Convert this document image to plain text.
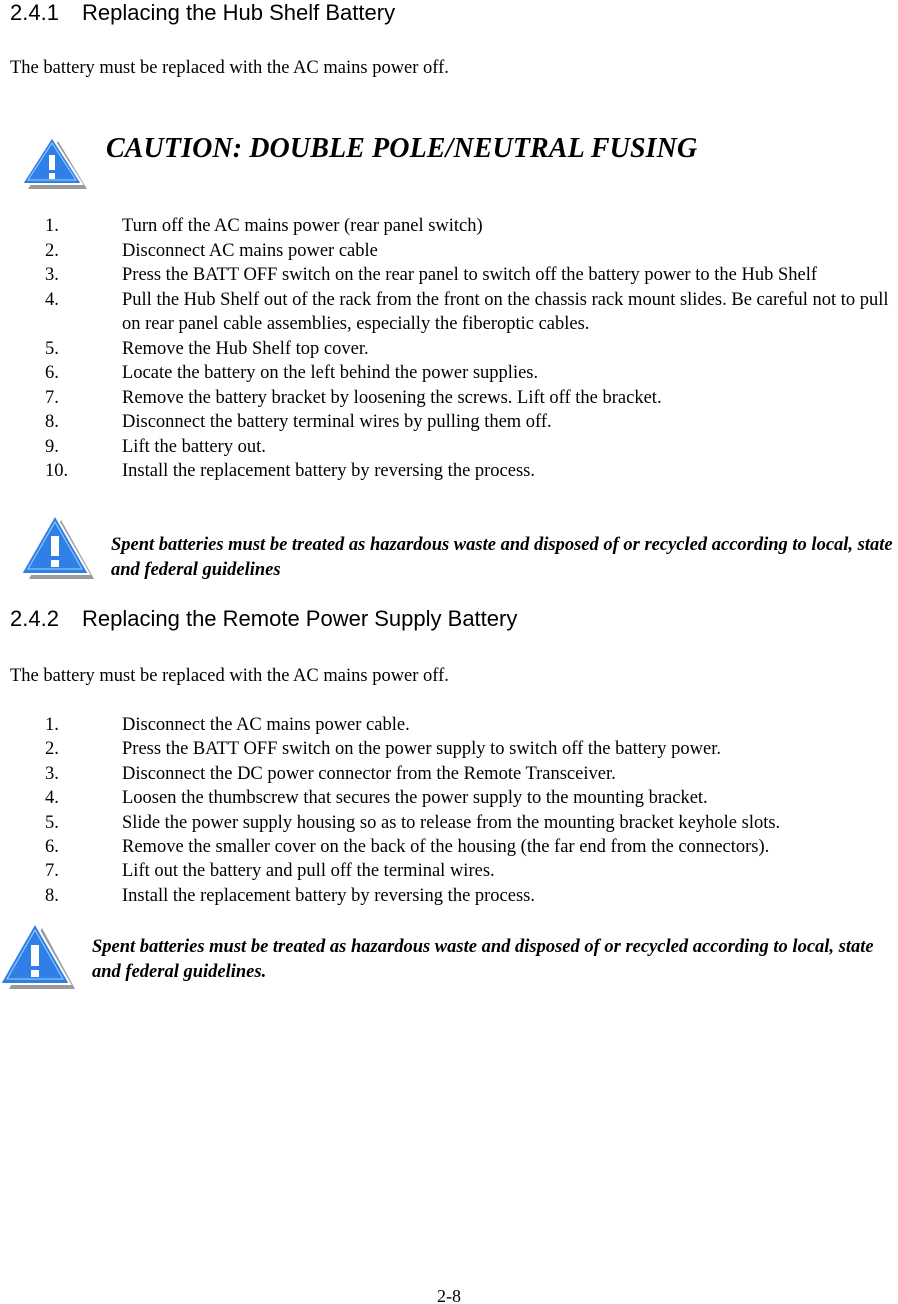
2.4.1 Replacing the Hub Shelf Battery

The battery must be replaced with the AC mains power off.

CAUTION: DOUBLE POLE/NEUTRAL FUSING
1.	Turn off the AC mains power (rear panel switch)
2.	Disconnect AC mains power cable
3.	Press the BATT OFF switch on the rear panel to switch off the battery power to the Hub Shelf
4.	Pull the Hub Shelf out of the rack from the front on the chassis rack mount slides. Be careful not to pull on rear panel cable assemblies, especially the fiberoptic cables.
5.	Remove the Hub Shelf top cover.
6.	Locate the battery on the left behind the power supplies.
7.	Remove the battery bracket by loosening the screws. Lift off the bracket.
8.	Disconnect the battery terminal wires by pulling them off.
9.	Lift the battery out.
10.	Install the replacement battery by reversing the process.
Spent batteries must be treated as hazardous waste and disposed of or recycled according to local, state and federal guidelines
2.4.2 Replacing the Remote Power Supply Battery

The battery must be replaced with the AC mains power off.

1.	Disconnect the AC mains power cable.
2.	Press the BATT OFF switch on the power supply to switch off the battery power.
3.	Disconnect the DC power connector from the Remote Transceiver.
4.	Loosen the thumbscrew that secures the power supply to the mounting bracket.
5.	Slide the power supply housing so as to release from the mounting bracket keyhole slots.
6.	Remove the smaller cover on the back of the housing (the far end from the connectors).
7.	Lift out the battery and pull off the terminal wires.
8.	Install the replacement battery by reversing the process.
Spent batteries must be treated as hazardous waste and disposed of or recycled according to local, state and federal guidelines.
2-8
